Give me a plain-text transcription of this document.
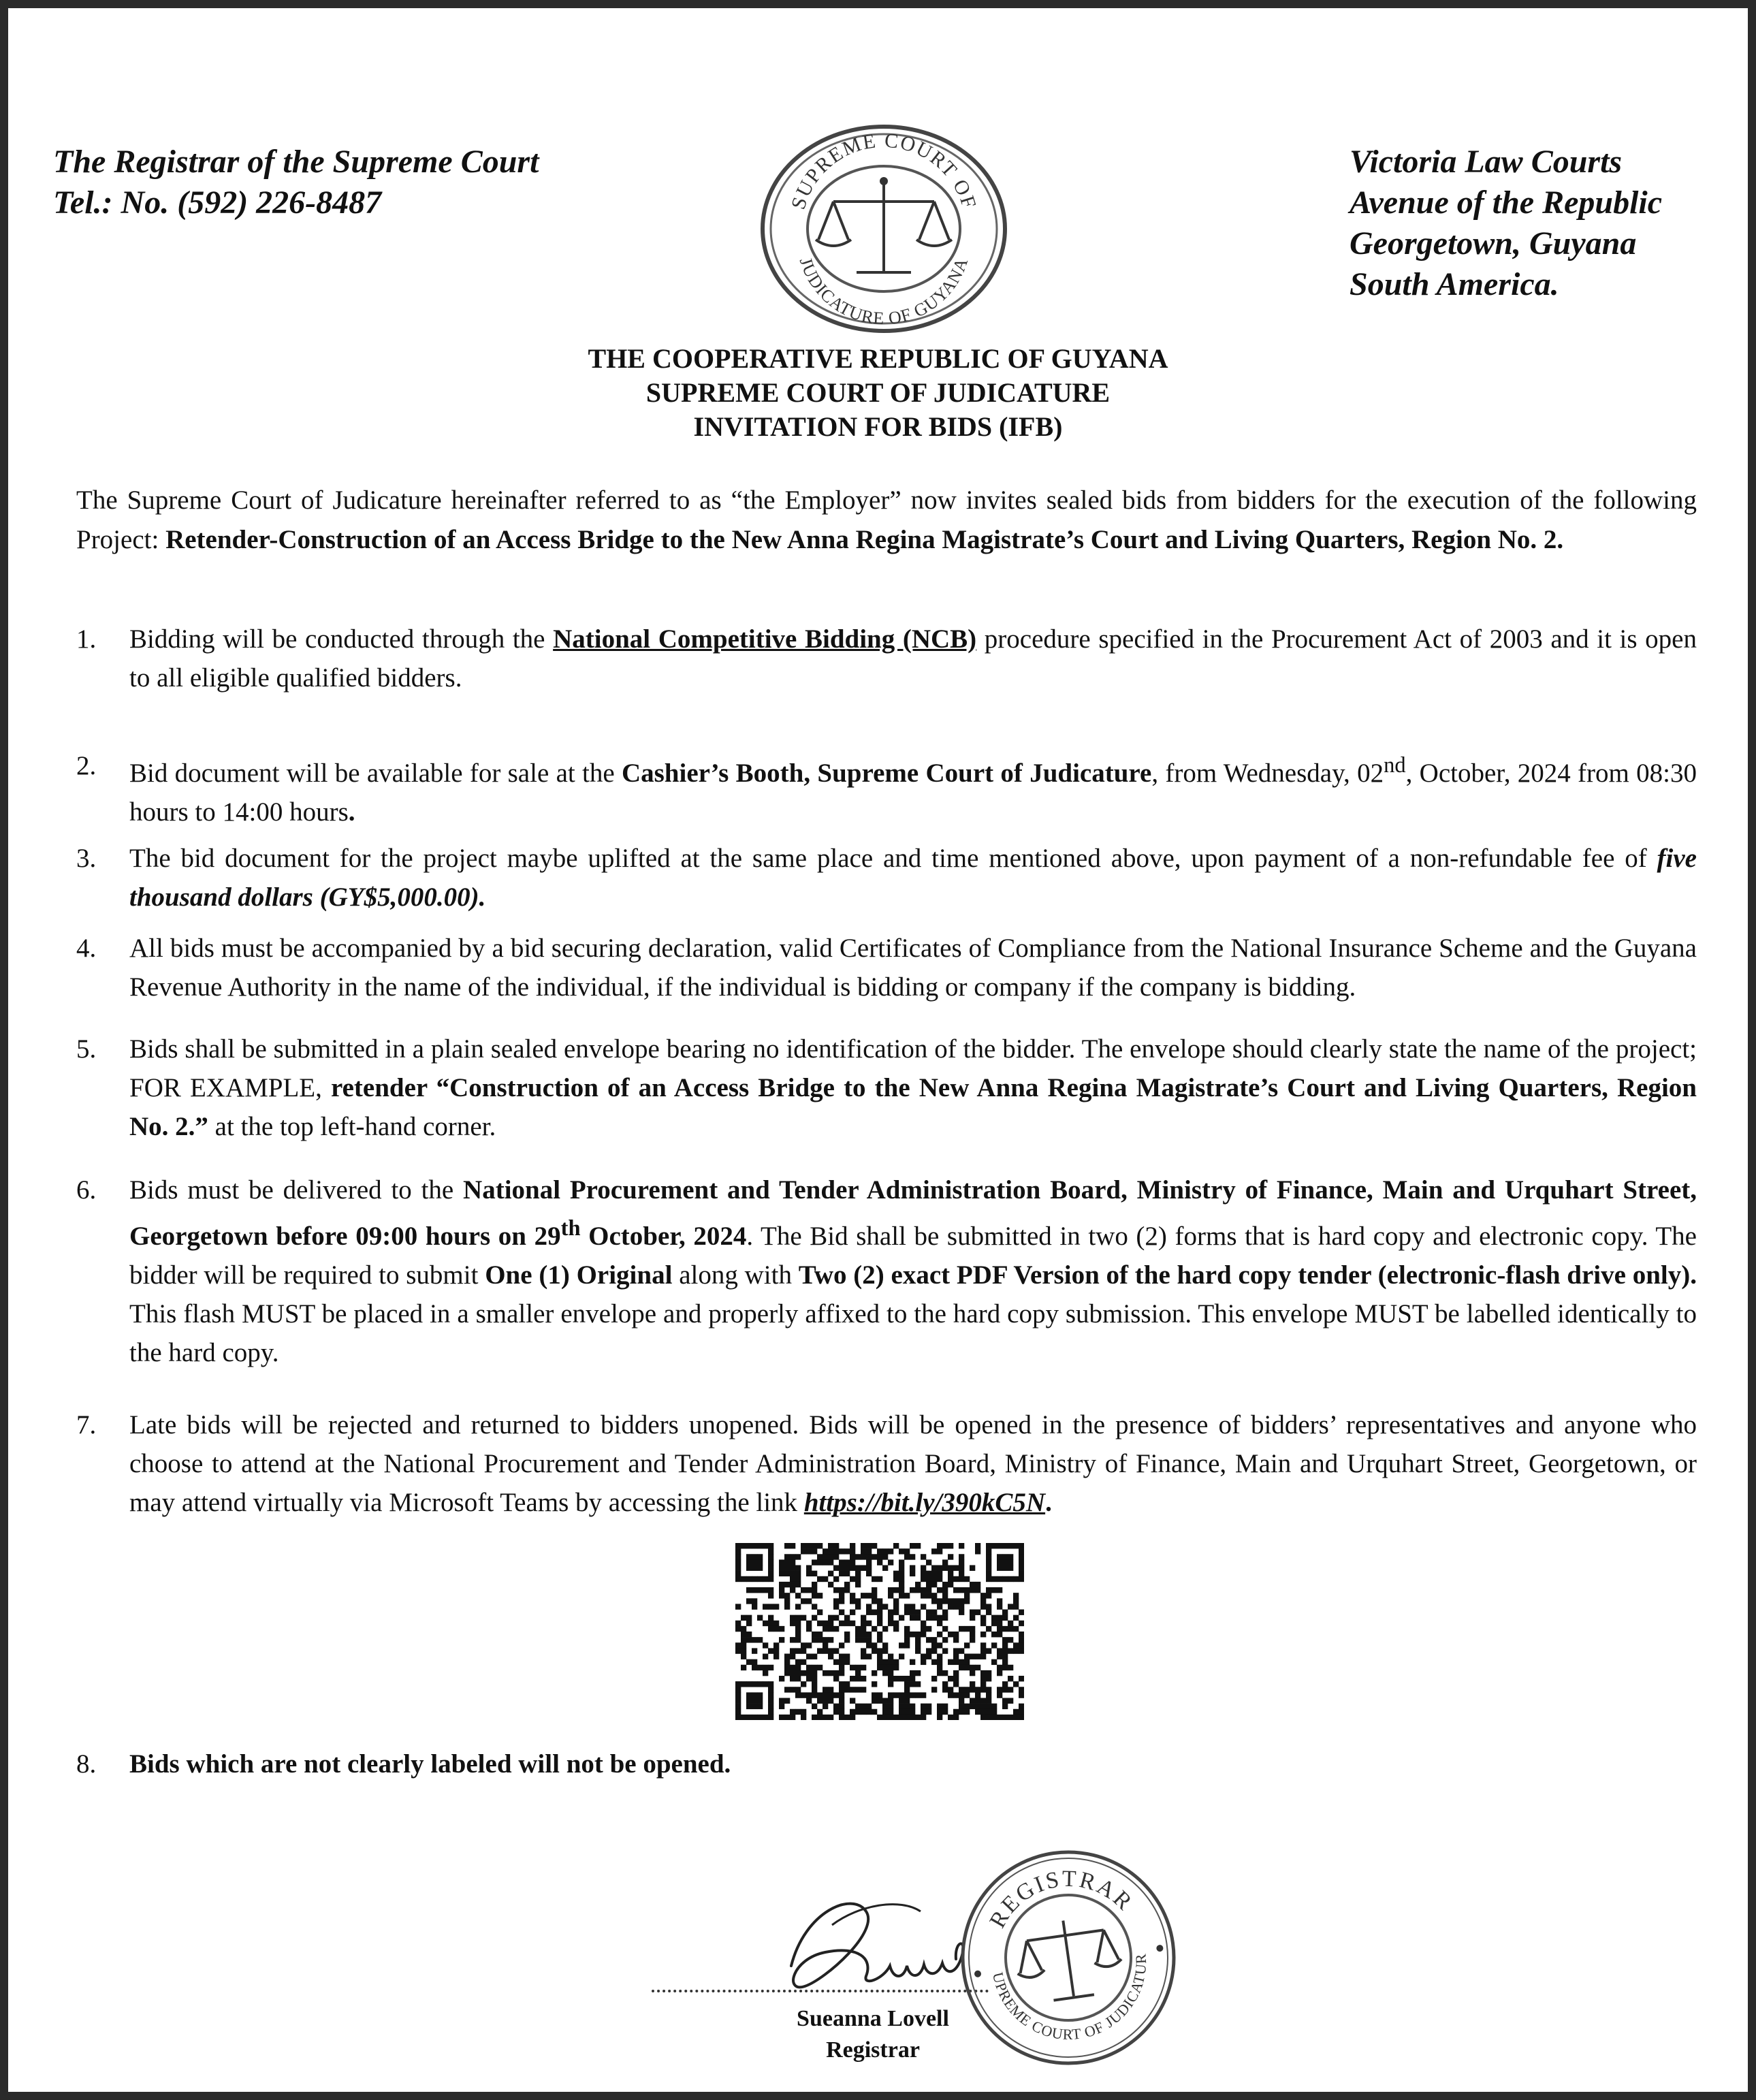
The Registrar of the Supreme Court
Tel.: No. (592) 226-8487	SUPREME COURT OF
JUDICATURE OF GUYANA
Victoria Law Courts
Avenue of the Republic
Georgetown, Guyana
South America.
THE COOPERATIVE REPUBLIC OF GUYANA
SUPREME COURT OF JUDICATURE
INVITATION FOR BIDS (IFB)
The Supreme Court of Judicature hereinafter referred to as “the Employer” now invites sealed bids from bidders for the execution of the following Project: Retender-Construction of an Access Bridge to the New Anna Regina Magistrate’s Court and Living Quarters, Region No. 2.
1. Bidding will be conducted through the National Competitive Bidding (NCB) procedure specified in the Procurement Act of 2003 and it is open to all eligible qualified bidders.
2. Bid document will be available for sale at the Cashier’s Booth, Supreme Court of Judicature, from Wednesday, 02nd, October, 2024 from 08:30 hours to 14:00 hours.
3. The bid document for the project maybe uplifted at the same place and time mentioned above, upon payment of a non-refundable fee of five thousand dollars (GY$5,000.00).
4. All bids must be accompanied by a bid securing declaration, valid Certificates of Compliance from the National Insurance Scheme and the Guyana Revenue Authority in the name of the individual, if the individual is bidding or company if the company is bidding.
5. Bids shall be submitted in a plain sealed envelope bearing no identification of the bidder. The envelope should clearly state the name of the project; FOR EXAMPLE, retender “Construction of an Access Bridge to the New Anna Regina Magistrate’s Court and Living Quarters, Region No. 2.” at the top left-hand corner.
6. Bids must be delivered to the National Procurement and Tender Administration Board, Ministry of Finance, Main and Urquhart Street, Georgetown before 09:00 hours on 29th October, 2024. The Bid shall be submitted in two (2) forms that is hard copy and electronic copy. The bidder will be required to submit One (1) Original along with Two (2) exact PDF Version of the hard copy tender (electronic-flash drive only). This flash MUST be placed in a smaller envelope and properly affixed to the hard copy submission. This envelope MUST be labelled identically to the hard copy.
7. Late bids will be rejected and returned to bidders unopened. Bids will be opened in the presence of bidders’ representatives and anyone who choose to attend at the National Procurement and Tender Administration Board, Ministry of Finance, Main and Urquhart Street, Georgetown, or may attend virtually via Microsoft Teams by accessing the link https://bit.ly/390kC5N.
8. Bids which are not clearly labeled will not be opened.
Sueanna Lovell
Registrar
REGISTRAR
SUPREME COURT OF JUDICATURE
